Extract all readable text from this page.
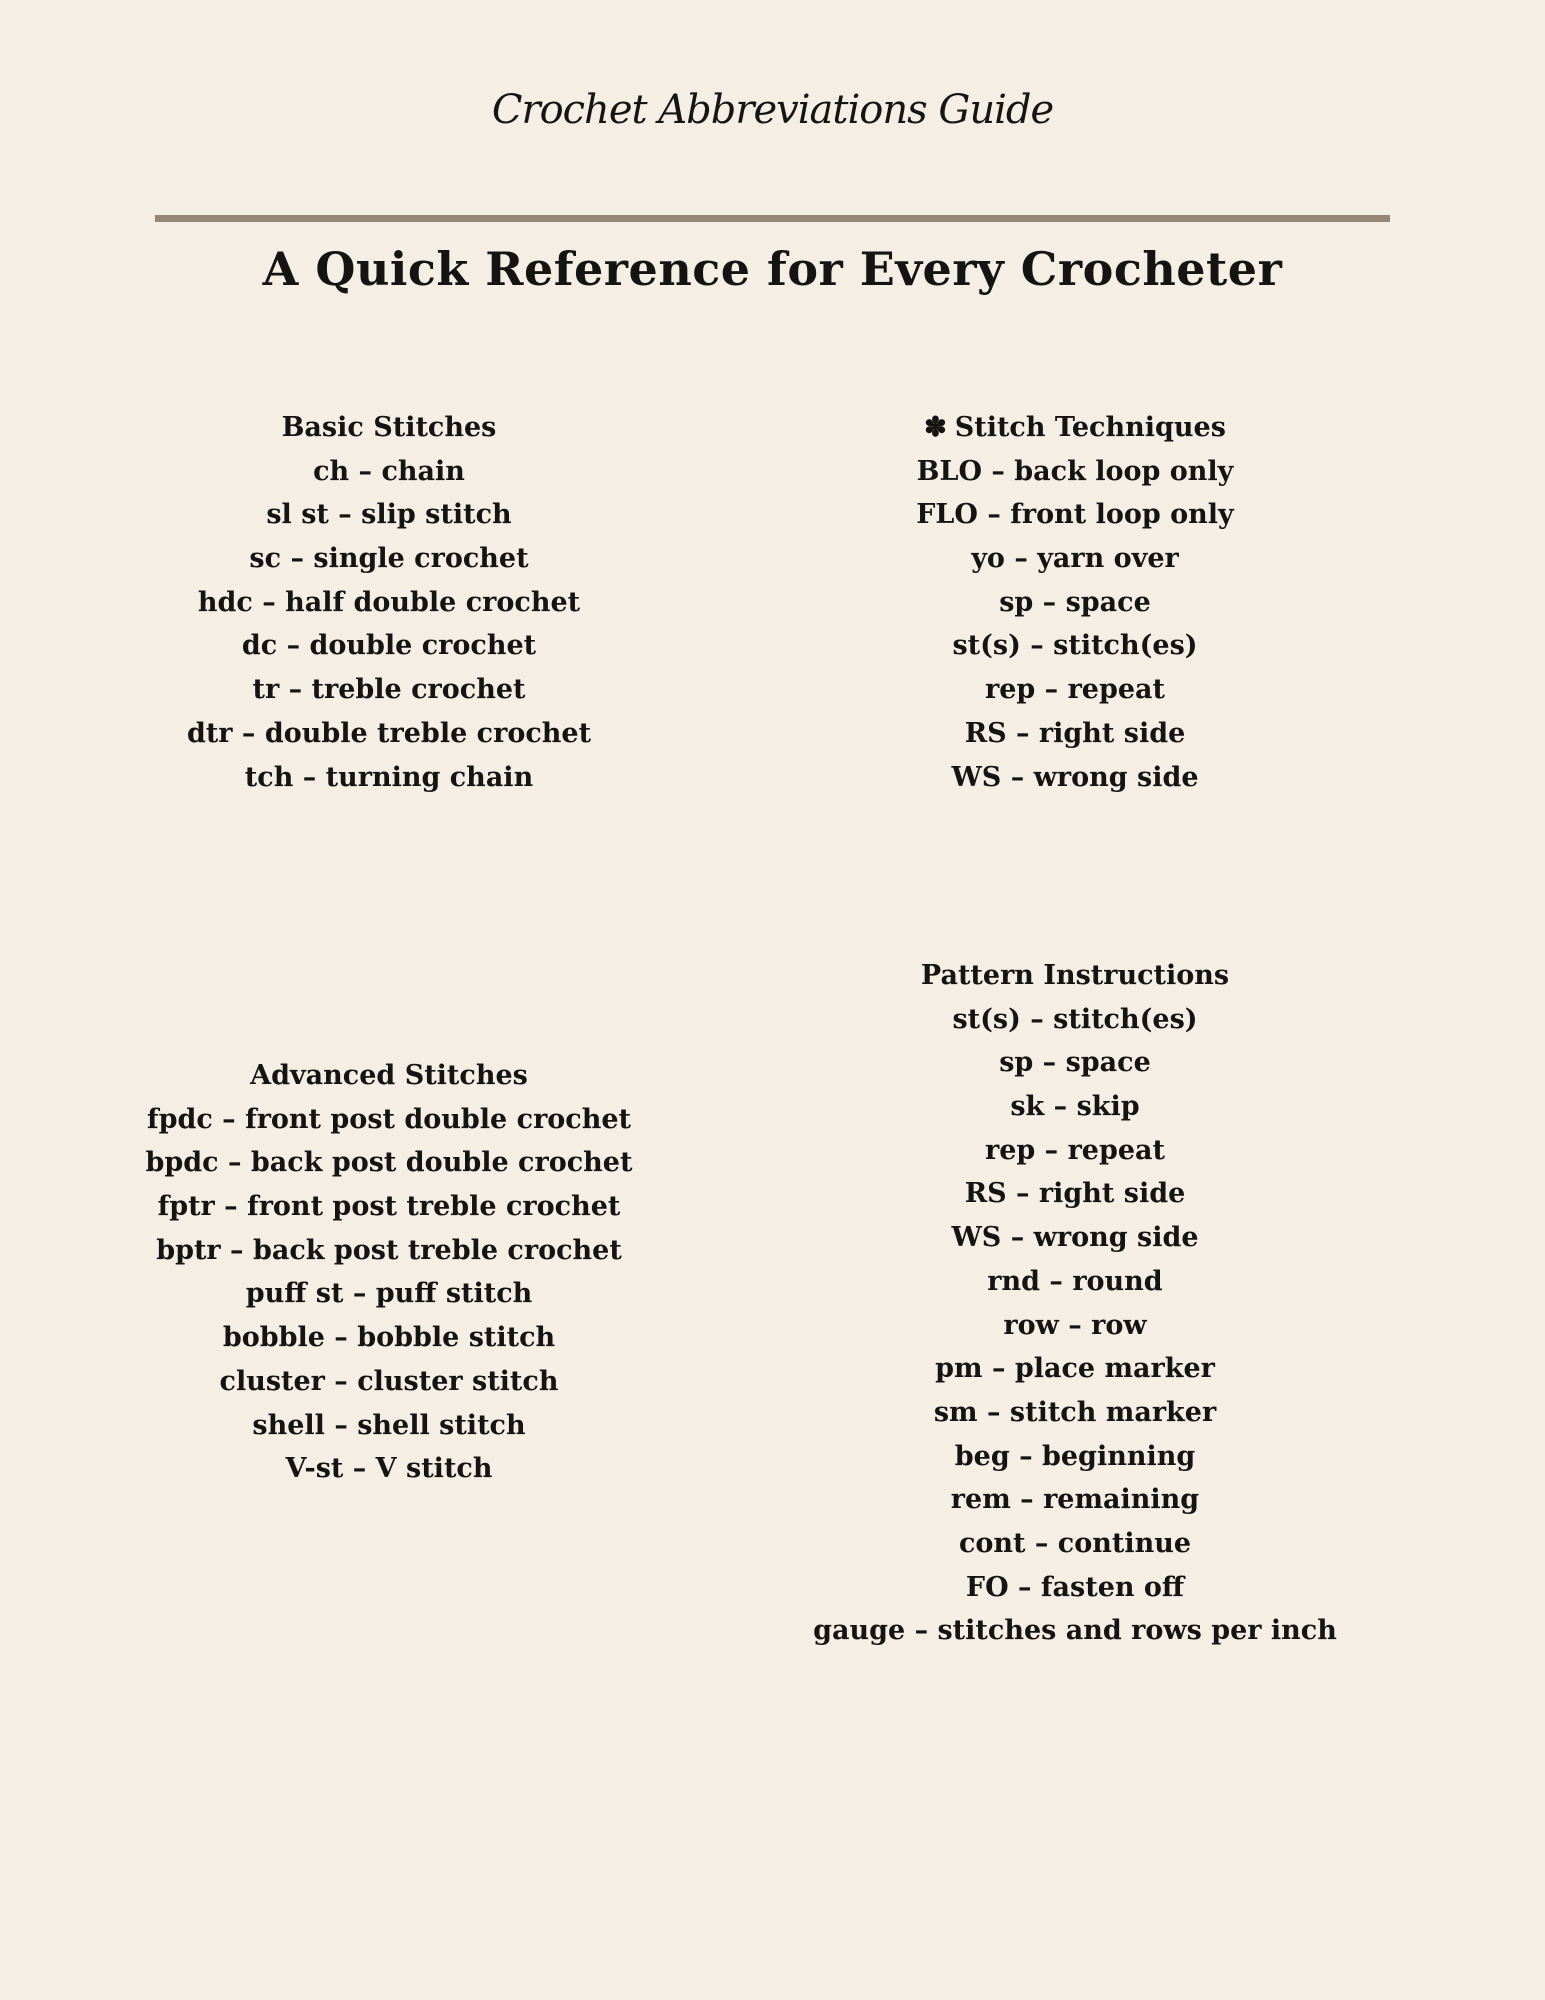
Crochet Abbreviations Guide
A Quick Reference for Every Crocheter
Basic Stitches
ch – chain
sl st – slip stitch
sc – single crochet
hdc – half double crochet
dc – double crochet
tr – treble crochet
dtr – double treble crochet
tch – turning chain
✽ Stitch Techniques
BLO – back loop only
FLO – front loop only
yo – yarn over
sp – space
st(s) – stitch(es)
rep – repeat
RS – right side
WS – wrong side
Advanced Stitches
fpdc – front post double crochet
bpdc – back post double crochet
fptr – front post treble crochet
bptr – back post treble crochet
puff st – puff stitch
bobble – bobble stitch
cluster – cluster stitch
shell – shell stitch
V-st – V stitch
Pattern Instructions
st(s) – stitch(es)
sp – space
sk – skip
rep – repeat
RS – right side
WS – wrong side
rnd – round
row – row
pm – place marker
sm – stitch marker
beg – beginning
rem – remaining
cont – continue
FO – fasten off
gauge – stitches and rows per inch
